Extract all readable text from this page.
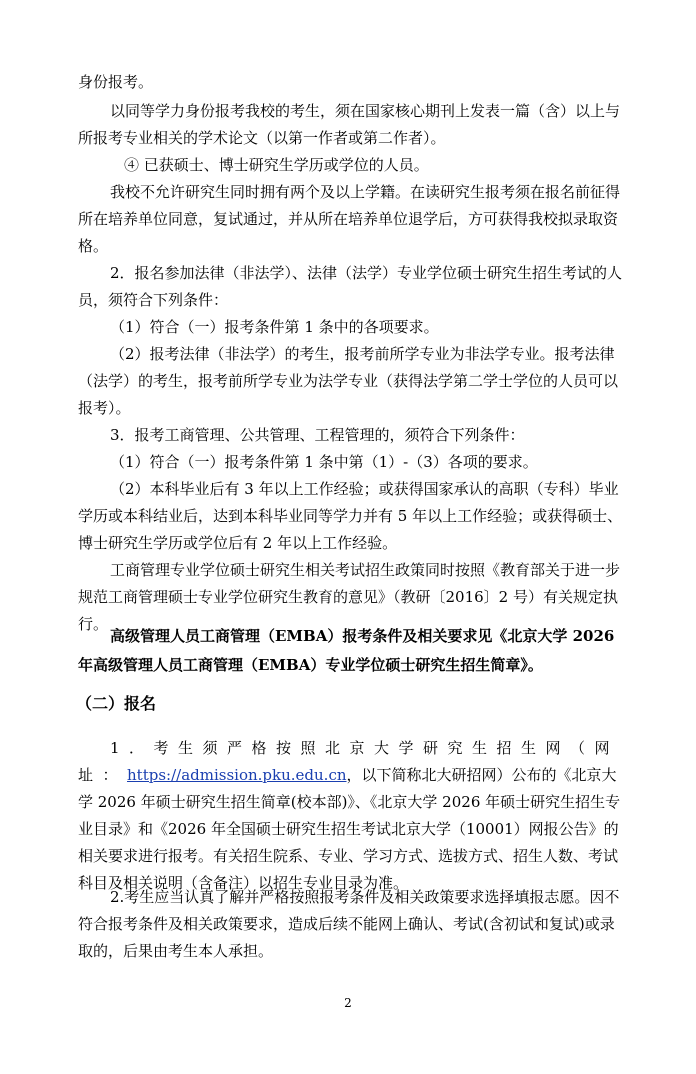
身份报考。

以同等学力身份报考我校的考生，须在国家核心期刊上发表一篇（含）以上与所报考专业相关的学术论文（以第一作者或第二作者）。

④ 已获硕士、博士研究生学历或学位的人员。

我校不允许研究生同时拥有两个及以上学籍。在读研究生报考须在报名前征得所在培养单位同意，复试通过，并从所在培养单位退学后，方可获得我校拟录取资格。

2．报名参加法律（非法学）、法律（法学）专业学位硕士研究生招生考试的人员，须符合下列条件：

（1）符合（一）报考条件第 1 条中的各项要求。

（2）报考法律（非法学）的考生，报考前所学专业为非法学专业。报考法律（法学）的考生，报考前所学专业为法学专业（获得法学第二学士学位的人员可以报考）。

3．报考工商管理、公共管理、工程管理的，须符合下列条件：

（1）符合（一）报考条件第 1 条中第（1）-（3）各项的要求。

（2）本科毕业后有 3 年以上工作经验；或获得国家承认的高职（专科）毕业学历或本科结业后，达到本科毕业同等学力并有 5 年以上工作经验；或获得硕士、博士研究生学历或学位后有 2 年以上工作经验。

工商管理专业学位硕士研究生相关考试招生政策同时按照《教育部关于进一步规范工商管理硕士专业学位研究生教育的意见》（教研〔2016〕2 号）有关规定执行。

高级管理人员工商管理（EMBA）报考条件及相关要求见《北京大学 2026 年高级管理人员工商管理（EMBA）专业学位硕士研究生招生简章》。

（二）报名

1．考生须严格按照北京大学研究生招生网（网址：https://admission.pku.edu.cn，以下简称北大研招网）公布的《北京大学 2026 年硕士研究生招生简章(校本部)》、《北京大学 2026 年硕士研究生招生专业目录》和《2026 年全国硕士研究生招生考试北京大学（10001）网报公告》的相关要求进行报考。有关招生院系、专业、学习方式、选拔方式、招生人数、考试科目及相关说明（含备注）以招生专业目录为准。

2.考生应当认真了解并严格按照报考条件及相关政策要求选择填报志愿。因不符合报考条件及相关政策要求，造成后续不能网上确认、考试(含初试和复试)或录取的，后果由考生本人承担。

2
